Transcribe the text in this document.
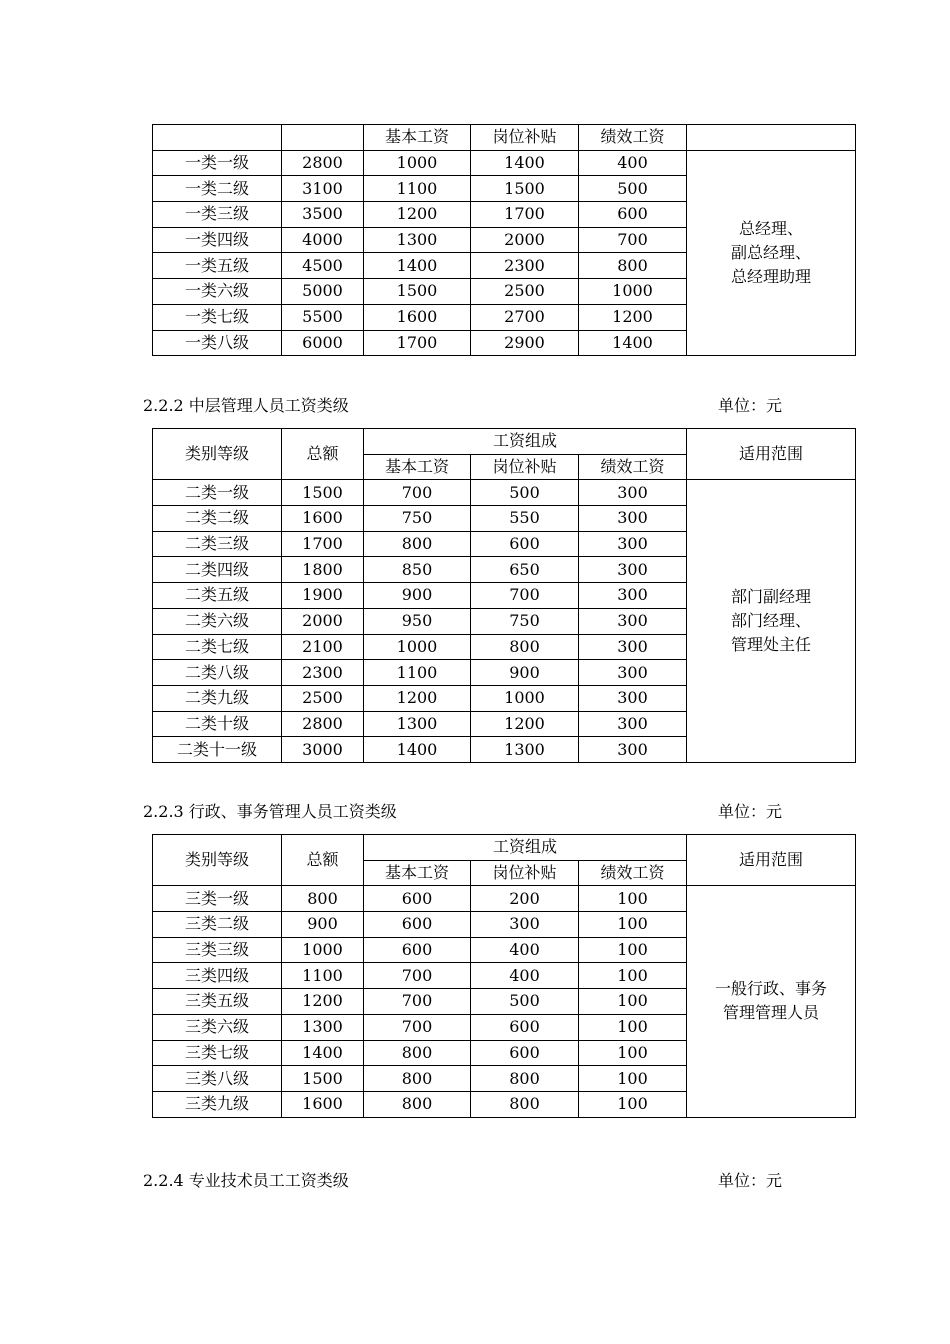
		基本工资	岗位补贴	绩效工资	
一类一级	2800	1000	1400	400	总经理、
副总经理、
总经理助理

一类二级	3100	1100	1500	500	
一类三级	3500	1200	1700	600	
一类四级	4000	1300	2000	700	
一类五级	4500	1400	2300	800	
一类六级	5000	1500	2500	1000	
一类七级	5500	1600	2700	1200	
一类八级	6000	1700	2900	1400	
2.2.2 中层管理人员工资类级	单位：元
类别等级	总额	工资组成			适用范围
		基本工资	岗位补贴	绩效工资	
二类一级	1500	700	500	300	部门副经理
部门经理、
管理处主任

二类二级	1600	750	550	300	
二类三级	1700	800	600	300	
二类四级	1800	850	650	300	
二类五级	1900	900	700	300	
二类六级	2000	950	750	300	
二类七级	2100	1000	800	300	
二类八级	2300	1100	900	300	
二类九级	2500	1200	1000	300	
二类十级	2800	1300	1200	300	
二类十一级	3000	1400	1300	300	
2.2.3 行政、事务管理人员工资类级	单位：元
类别等级	总额	工资组成			适用范围
		基本工资	岗位补贴	绩效工资	
三类一级	800	600	200	100	一般行政、事务
管理管理人员

三类二级	900	600	300	100	
三类三级	1000	600	400	100	
三类四级	1100	700	400	100	
三类五级	1200	700	500	100	
三类六级	1300	700	600	100	
三类七级	1400	800	600	100	
三类八级	1500	800	800	100	
三类九级	1600	800	800	100	
2.2.4 专业技术员工工资类级	单位：元
